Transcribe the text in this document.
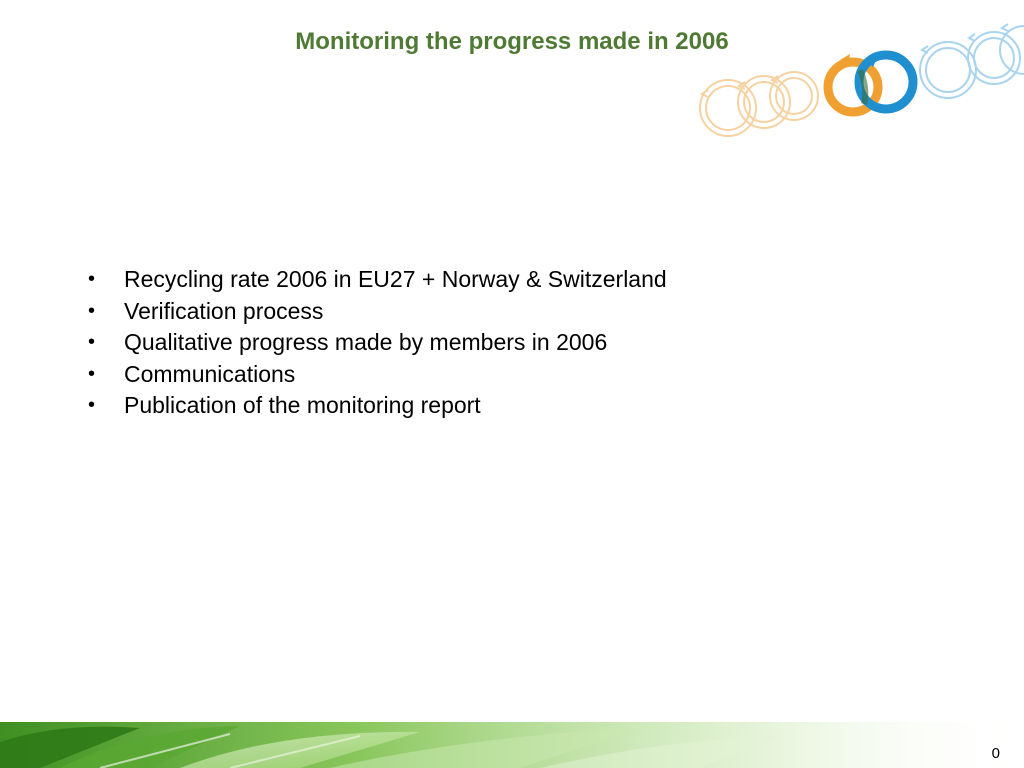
Monitoring the progress made in 2006
• Recycling rate 2006 in EU27 + Norway & Switzerland
• Verification process
• Qualitative progress made by members in 2006
• Communications
• Publication of the monitoring report
0
